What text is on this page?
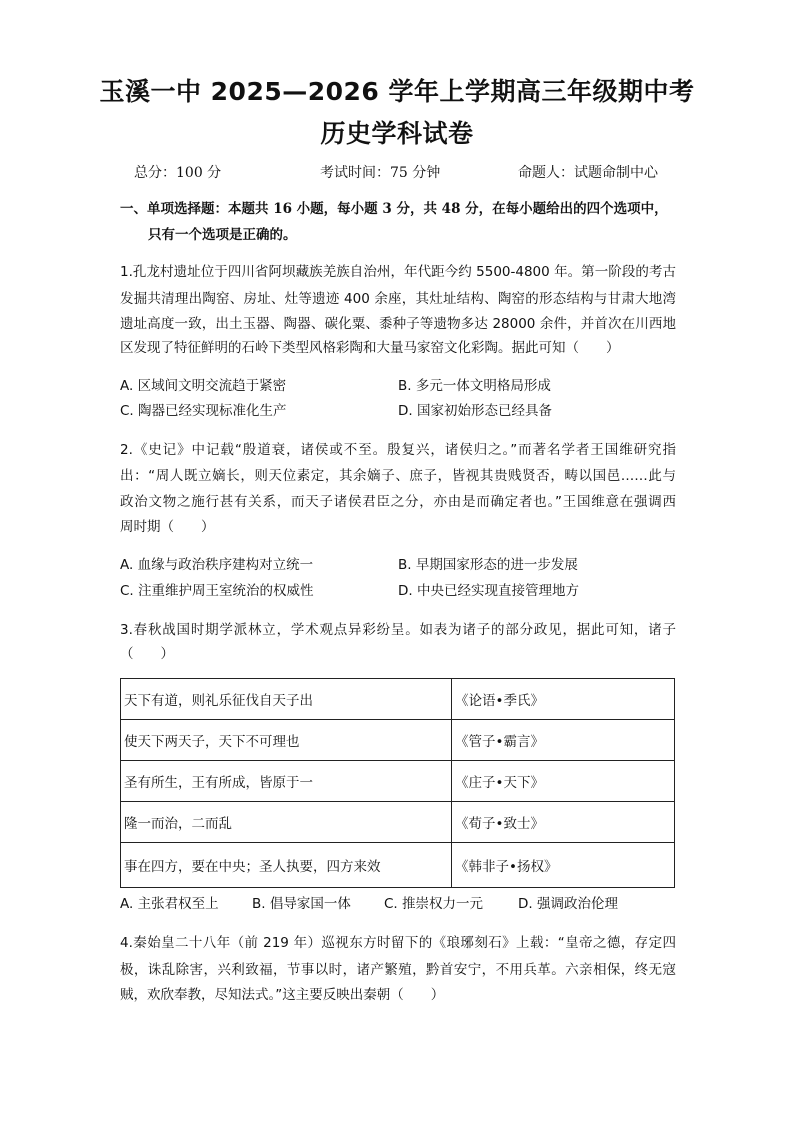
玉溪一中 2025—2026 学年上学期高三年级期中考
历史学科试卷
总分：100 分	考试时间：75 分钟	命题人：试题命制中心
一、单项选择题：本题共 16 小题，每小题 3 分，共 48 分，在每小题给出的四个选项中，
只有一个选项是正确的。
1.孔龙村遗址位于四川省阿坝藏族羌族自治州，年代距今约 5500-4800 年。第一阶段的考古
发掘共清理出陶窑、房址、灶等遗迹 400 余座，其灶址结构、陶窑的形态结构与甘肃大地湾
遗址高度一致，出土玉器、陶器、碳化粟、黍种子等遗物多达 28000 余件，并首次在川西地
区发现了特征鲜明的石岭下类型风格彩陶和大量马家窑文化彩陶。据此可知（　　）
A. 区域间文明交流趋于紧密	B. 多元一体文明格局形成
C. 陶器已经实现标准化生产	D. 国家初始形态已经具备
2.《史记》中记载“殷道衰，诸侯或不至。殷复兴，诸侯归之。”而著名学者王国维研究指
出：“周人既立嫡长，则天位素定，其余嫡子、庶子，皆视其贵贱贤否，畴以国邑……此与
政治文物之施行甚有关系，而天子诸侯君臣之分，亦由是而确定者也。”王国维意在强调西
周时期（　　）
A. 血缘与政治秩序建构对立统一	B. 早期国家形态的进一步发展
C. 注重维护周王室统治的权威性	D. 中央已经实现直接管理地方
3.春秋战国时期学派林立，学术观点异彩纷呈。如表为诸子的部分政见，据此可知，诸子
（　　）
天下有道，则礼乐征伐自天子出	《论语•季氏》
使天下两天子，天下不可理也	《管子•霸言》
圣有所生，王有所成，皆原于一	《庄子•天下》
隆一而治，二而乱	《荀子•致士》
事在四方，要在中央；圣人执要，四方来效	《韩非子•扬权》
A. 主张君权至上 B. 倡导家国一体 C. 推崇权力一元	D. 强调政治伦理
4.秦始皇二十八年（前 219 年）巡视东方时留下的《琅琊刻石》上载：“皇帝之德，存定四
极，诛乱除害，兴利致福，节事以时，诸产繁殖，黔首安宁，不用兵革。六亲相保，终无寇
贼，欢欣奉教，尽知法式。”这主要反映出秦朝（　　）
